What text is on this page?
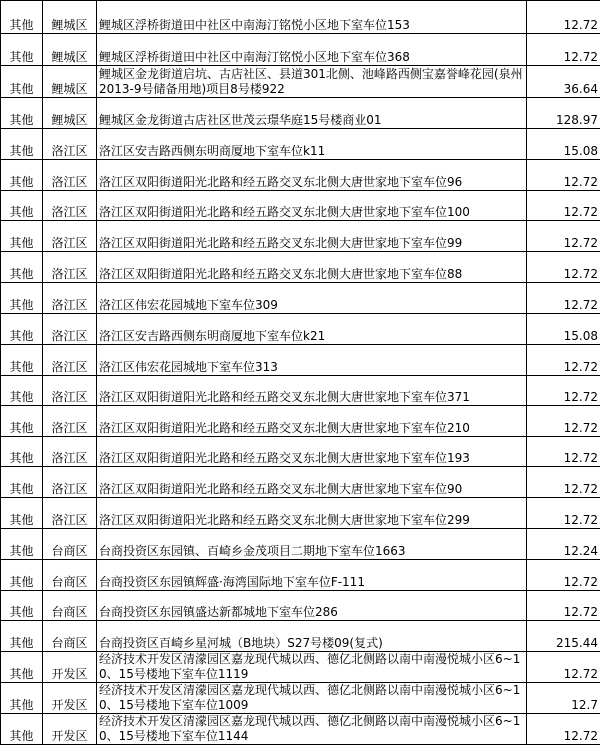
其他	鲤城区	鲤城区浮桥街道田中社区中南海汀铭悦小区地下室车位153	12.72
其他	鲤城区	鲤城区浮桥街道田中社区中南海汀铭悦小区地下室车位368	12.72
其他	鲤城区	鲤城区金龙街道启坑、古店社区、县道301北侧、池峰路西侧宝嘉誉峰花园(泉州2013-9号储备用地)项目8号楼922	36.64
其他	鲤城区	鲤城区金龙街道古店社区世茂云璟华庭15号楼商业01	128.97
其他	洛江区	洛江区安吉路西侧东明商厦地下室车位k11	15.08
其他	洛江区	洛江区双阳街道阳光北路和经五路交叉东北侧大唐世家地下室车位96	12.72
其他	洛江区	洛江区双阳街道阳光北路和经五路交叉东北侧大唐世家地下室车位100	12.72
其他	洛江区	洛江区双阳街道阳光北路和经五路交叉东北侧大唐世家地下室车位99	12.72
其他	洛江区	洛江区双阳街道阳光北路和经五路交叉东北侧大唐世家地下室车位88	12.72
其他	洛江区	洛江区伟宏花园城地下室车位309	12.72
其他	洛江区	洛江区安吉路西侧东明商厦地下室车位k21	15.08
其他	洛江区	洛江区伟宏花园城地下室车位313	12.72
其他	洛江区	洛江区双阳街道阳光北路和经五路交叉东北侧大唐世家地下室车位371	12.72
其他	洛江区	洛江区双阳街道阳光北路和经五路交叉东北侧大唐世家地下室车位210	12.72
其他	洛江区	洛江区双阳街道阳光北路和经五路交叉东北侧大唐世家地下室车位193	12.72
其他	洛江区	洛江区双阳街道阳光北路和经五路交叉东北侧大唐世家地下室车位90	12.72
其他	洛江区	洛江区双阳街道阳光北路和经五路交叉东北侧大唐世家地下室车位299	12.72
其他	台商区	台商投资区东园镇、百崎乡金茂项目二期地下室车位1663	12.24
其他	台商区	台商投资区东园镇辉盛·海湾国际地下室车位F-111	12.72
其他	台商区	台商投资区东园镇盛达新都城地下室车位286	12.72
其他	台商区	台商投资区百崎乡星河城（B地块）S27号楼09(复式)	215.44
其他	开发区	经济技术开发区清濛园区嘉龙现代城以西、德亿北侧路以南中南漫悦城小区6~10、15号楼地下室车位1119	12.72
其他	开发区	经济技术开发区清濛园区嘉龙现代城以西、德亿北侧路以南中南漫悦城小区6~10、15号楼地下室车位1009	12.7
其他	开发区	经济技术开发区清濛园区嘉龙现代城以西、德亿北侧路以南中南漫悦城小区6~10、15号楼地下室车位1144	12.72
